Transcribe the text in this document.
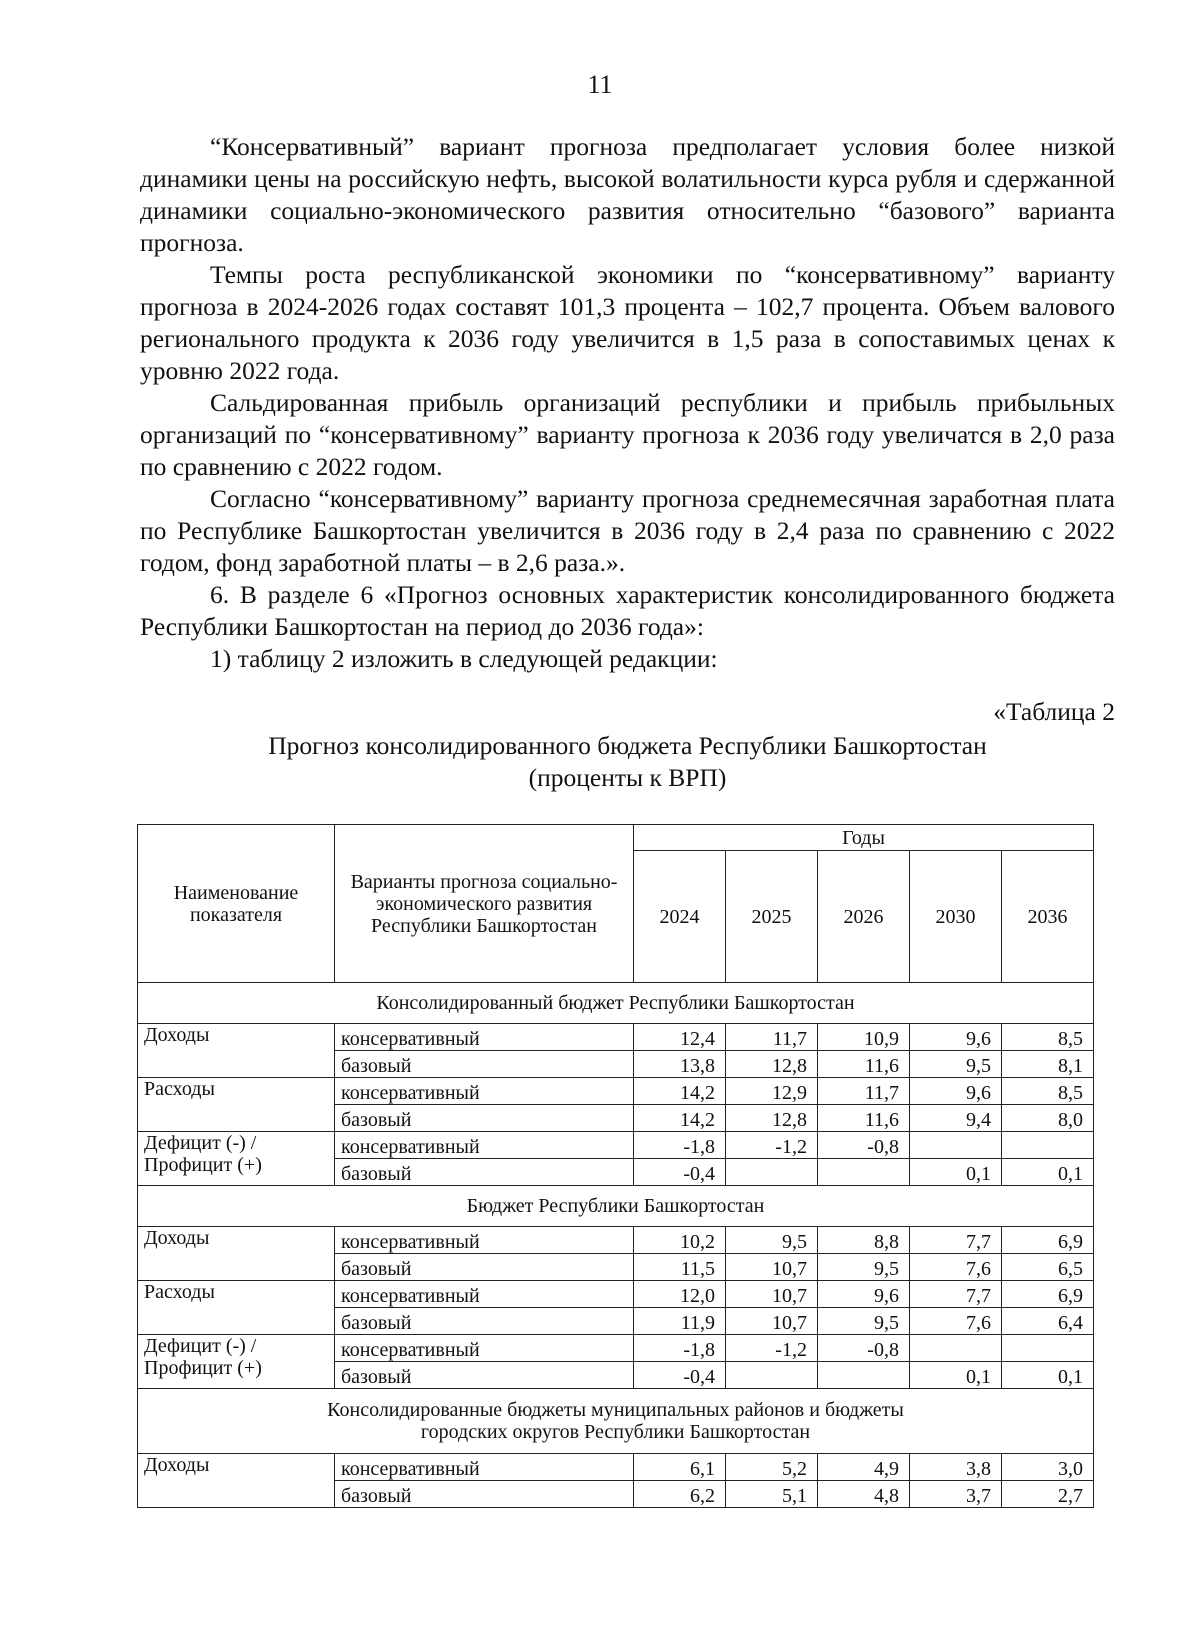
11

“Консервативный” вариант прогноза предполагает условия более низкой динамики цены на российскую нефть, высокой волатильности курса рубля и сдержанной динамики социально-экономического развития относительно “базового” варианта прогноза.

Темпы роста республиканской экономики по “консервативному” варианту прогноза в 2024-2026 годах составят 101,3 процента – 102,7 процента. Объем валового регионального продукта к 2036 году увеличится в 1,5 раза в сопоставимых ценах к уровню 2022 года.

Сальдированная прибыль организаций республики и прибыль прибыльных организаций по “консервативному” варианту прогноза к 2036 году увеличатся в 2,0 раза по сравнению с 2022 годом.

Согласно “консервативному” варианту прогноза среднемесячная заработная плата по Республике Башкортостан увеличится в 2036 году в 2,4 раза по сравнению с 2022 годом, фонд заработной платы – в 2,6 раза.».

6. В разделе 6 «Прогноз основных характеристик консолидированного бюджета Республики Башкортостан на период до 2036 года»:

1) таблицу 2 изложить в следующей редакции:

«Таблица 2
Прогноз консолидированного бюджета Республики Башкортостан
(проценты к ВРП)
Наименование показателя	Варианты прогноза социально-экономического развития Республики Башкортостан	Годы				
		2024	2025	2026	2030	2036
Консолидированный бюджет Республики Башкортостан						
Доходы	консервативный	12,4	11,7	10,9	9,6	8,5
	базовый	13,8	12,8	11,6	9,5	8,1
Расходы	консервативный	14,2	12,9	11,7	9,6	8,5
	базовый	14,2	12,8	11,6	9,4	8,0
Дефицит (-) / Профицит (+)	консервативный	-1,8	-1,2	-0,8		
	базовый	-0,4			0,1	0,1
Бюджет Республики Башкортостан						
Доходы	консервативный	10,2	9,5	8,8	7,7	6,9
	базовый	11,5	10,7	9,5	7,6	6,5
Расходы	консервативный	12,0	10,7	9,6	7,7	6,9
	базовый	11,9	10,7	9,5	7,6	6,4
Дефицит (-) / Профицит (+)	консервативный	-1,8	-1,2	-0,8		
	базовый	-0,4			0,1	0,1
Консолидированные бюджеты муниципальных районов и бюджеты городских округов Республики Башкортостан						
Доходы	консервативный	6,1	5,2	4,9	3,8	3,0
	базовый	6,2	5,1	4,8	3,7	2,7
